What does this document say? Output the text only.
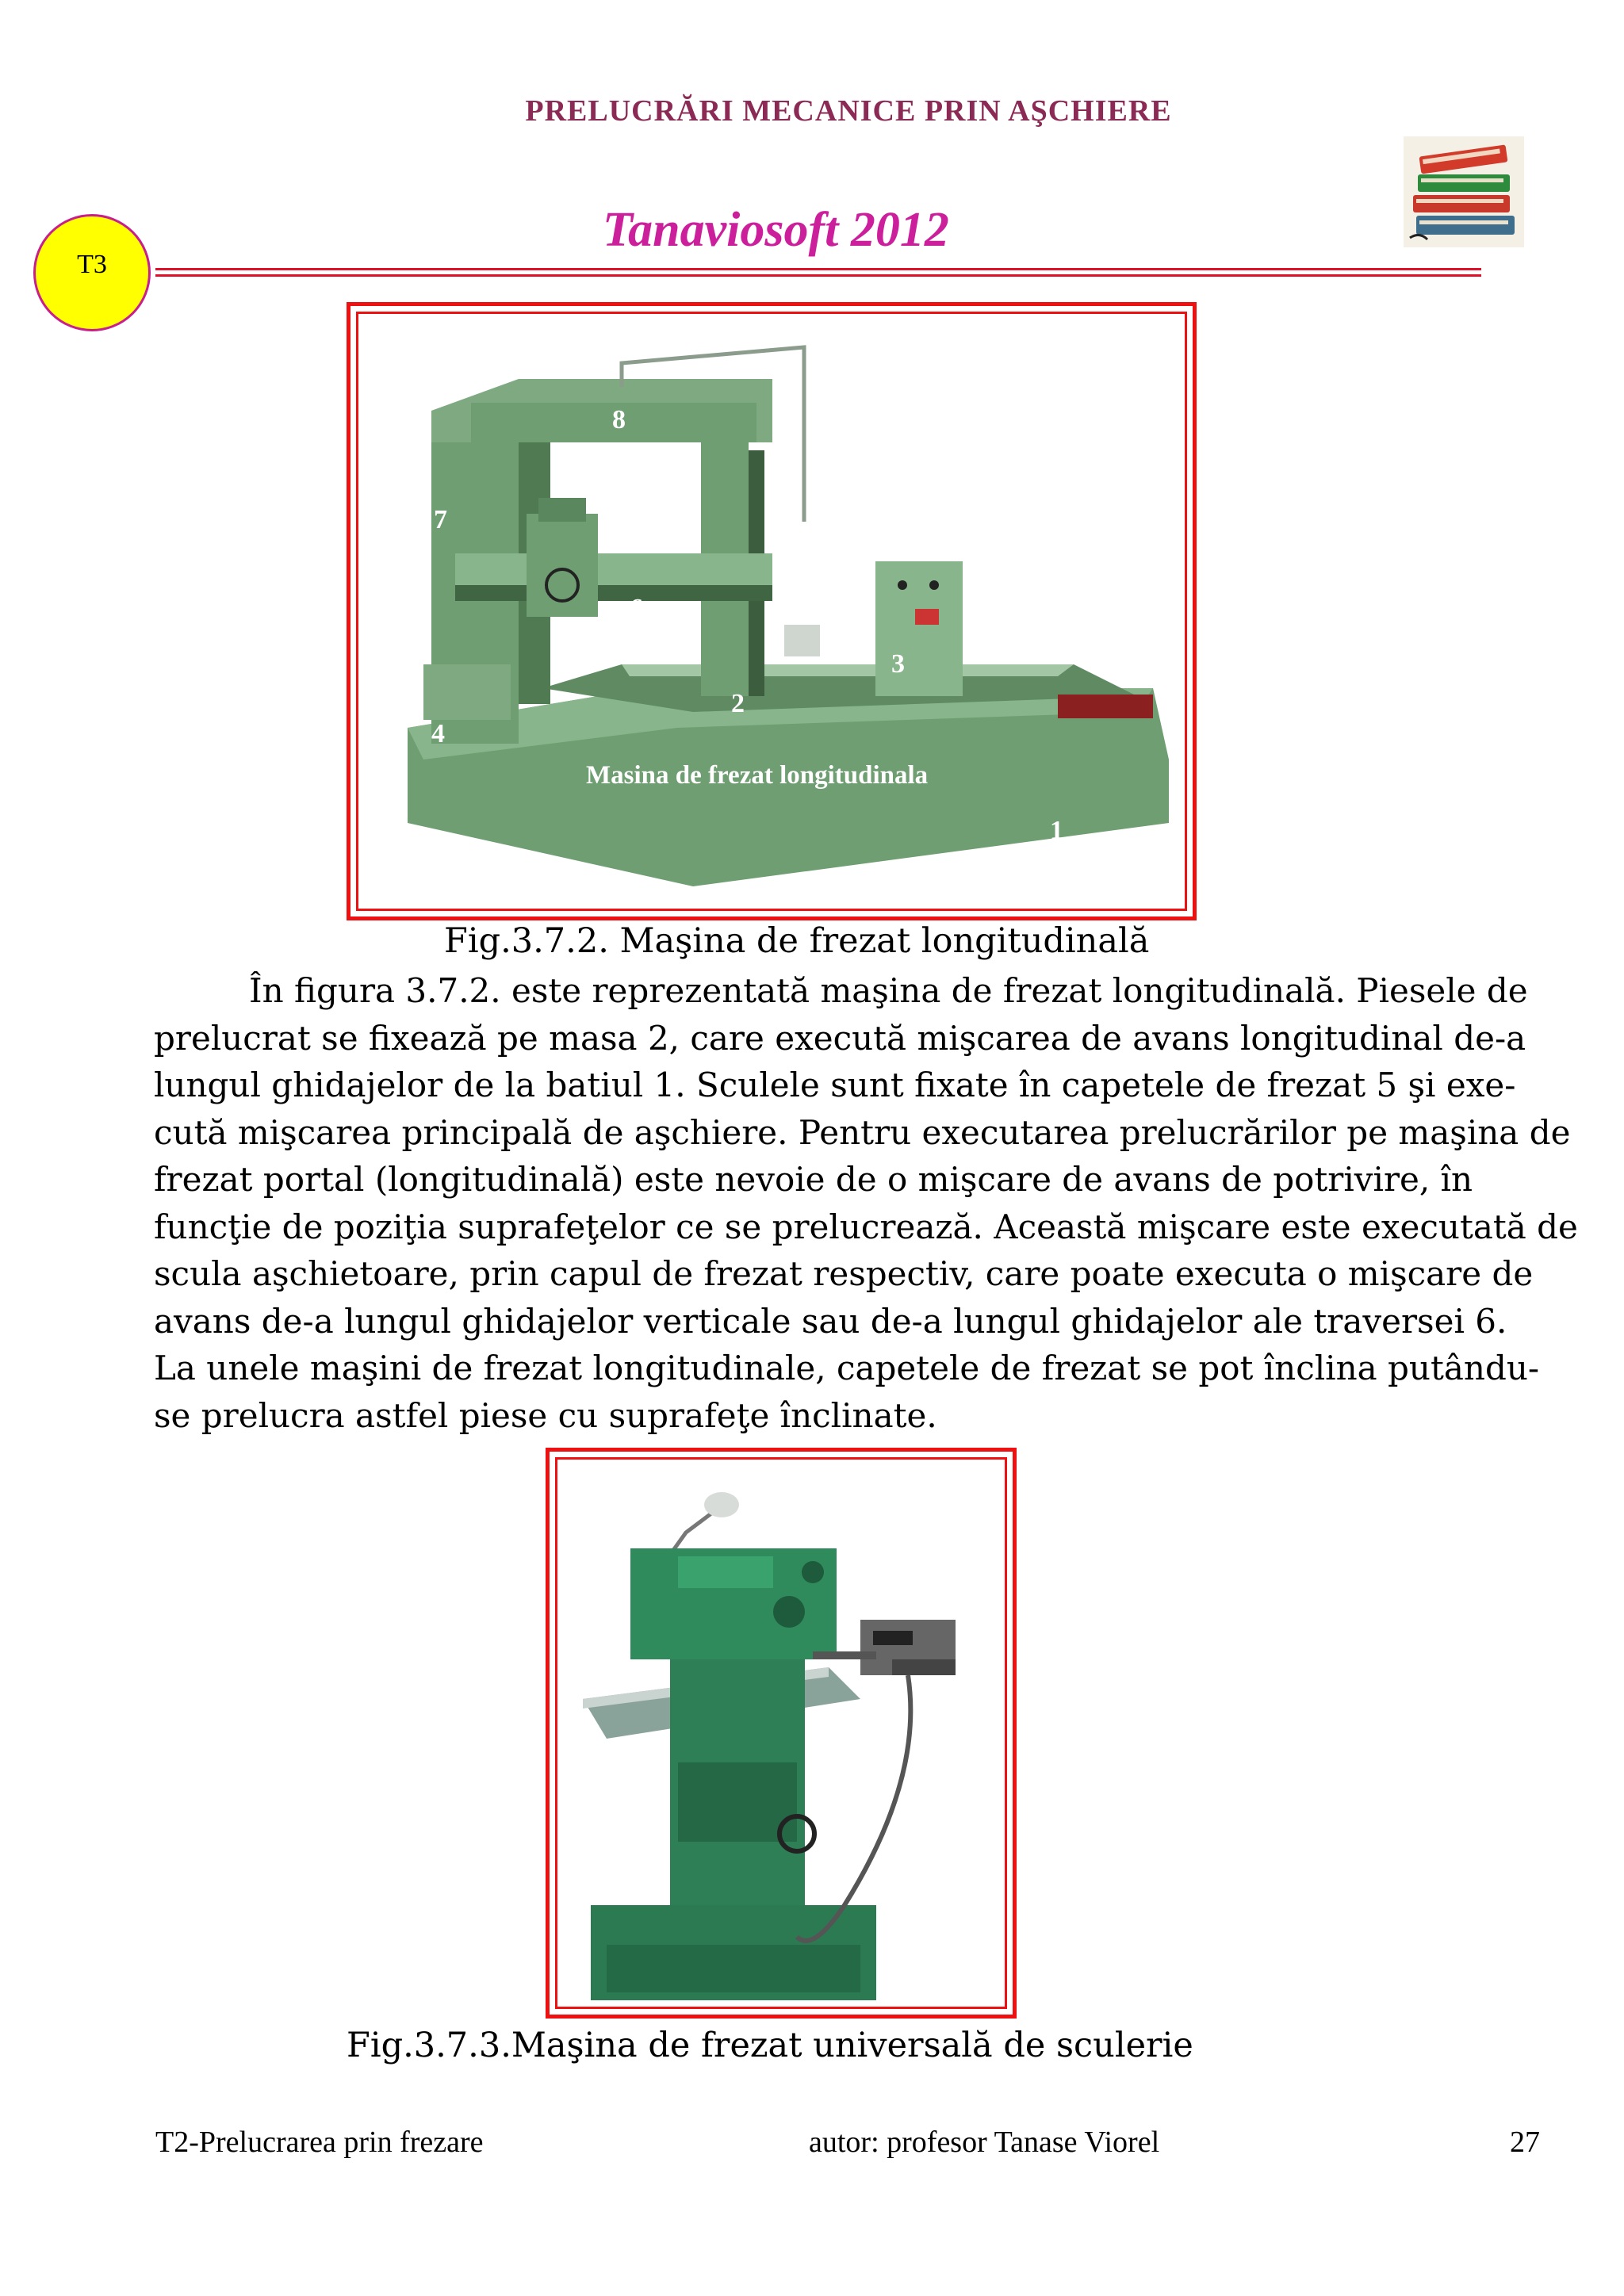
PRELUCRĂRI MECANICE PRIN AŞCHIERE
Tanaviosoft 2012
T3
8
7
6
5
4
3
2
1
Masina de frezat longitudinala
Fig.3.7.2. Maşina de frezat longitudinală
În figura 3.7.2. este reprezentată maşina de frezat longitudinală. Piesele de
prelucrat se fixează pe masa 2, care execută mişcarea de avans longitudinal de-a
lungul ghidajelor de la batiul 1. Sculele sunt fixate în capetele de frezat 5 şi exe-
cută mişcarea principală de aşchiere. Pentru executarea prelucrărilor pe maşina de
frezat portal (longitudinală) este nevoie de o mişcare de avans de potrivire, în
funcţie de poziţia suprafeţelor ce se prelucrează. Această mişcare este executată de
scula aşchietoare, prin capul de frezat respectiv, care poate executa o mişcare de
avans de-a lungul ghidajelor verticale sau de-a lungul ghidajelor ale traversei 6.
La unele maşini de frezat longitudinale, capetele de frezat se pot înclina putându-
se prelucra astfel piese cu suprafeţe înclinate.
Fig.3.7.3.Maşina de frezat universală de sculerie
T2-Prelucrarea prin frezare	autor: profesor Tanase Viorel	27
